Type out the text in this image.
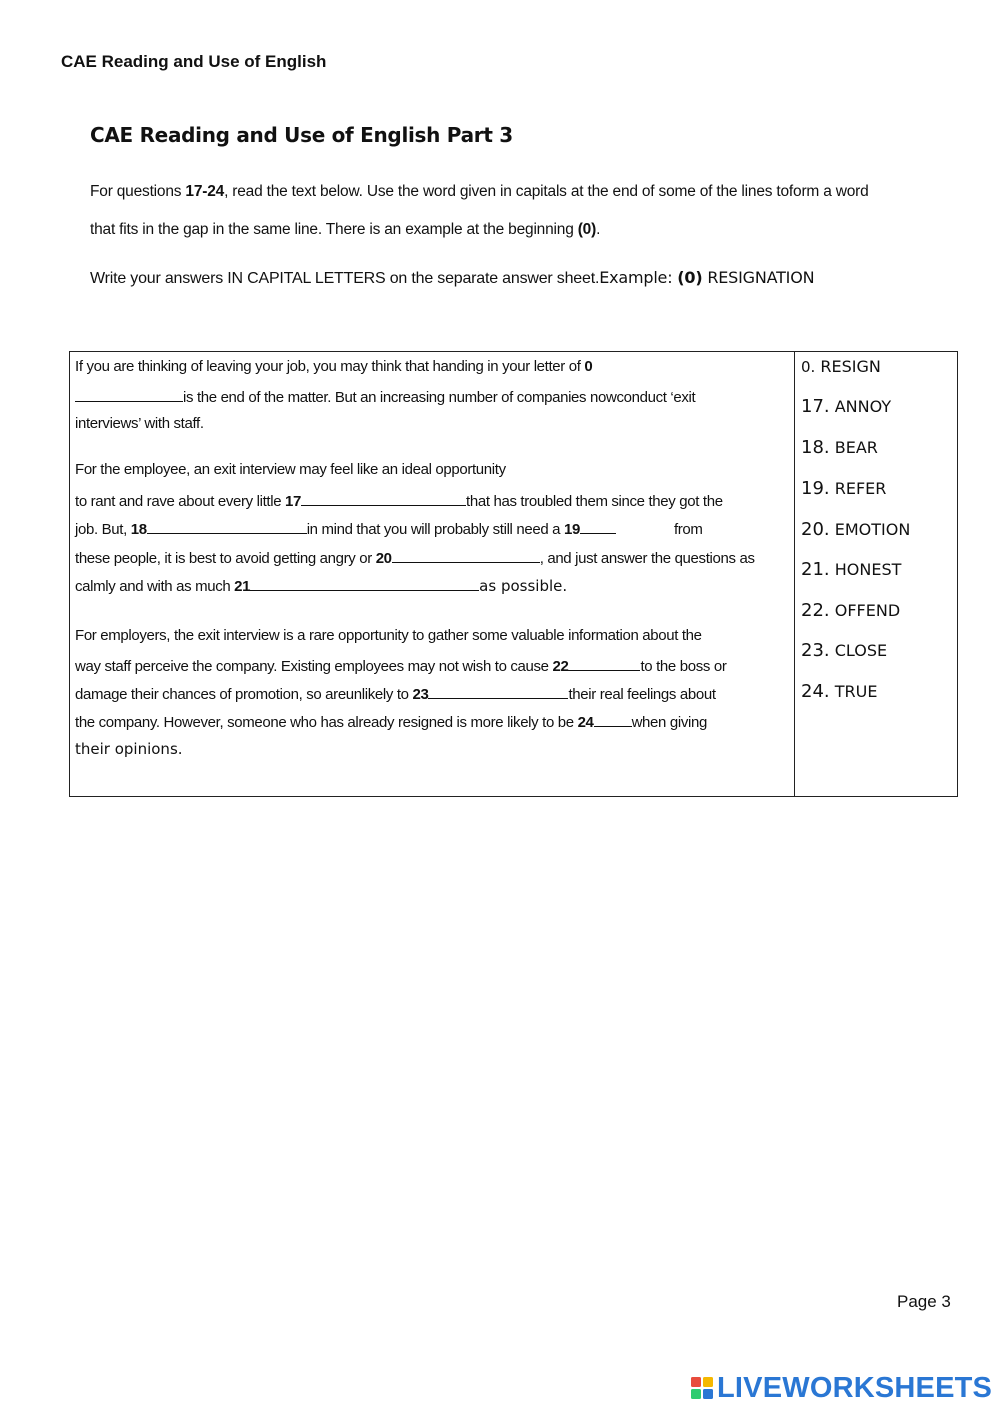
CAE Reading and Use of English
CAE Reading and Use of English Part 3
For questions 17-24, read the text below. Use the word given in capitals at the end of some of the lines toform a word
that fits in the gap in the same line. There is an example at the beginning (0).
Write your answers IN CAPITAL LETTERS on the separate answer sheet.Example: (0) RESIGNATION
If you are thinking of leaving your job, you may think that handing in your letter of 0
is the end of the matter. But an increasing number of companies nowconduct ‘exit
interviews’ with staff.
For the employee, an exit interview may feel like an ideal opportunity
to rant and rave about every little 17	that has troubled them since they got the
job. But, 18	in mind that you will probably still need a 19	from
these people, it is best to avoid getting angry or 20	, and just answer the questions as
calmly and with as much 21	as possible.
For employers, the exit interview is a rare opportunity to gather some valuable information about the
way staff perceive the company. Existing employees may not wish to cause 22	to the boss or
damage their chances of promotion, so areunlikely to 23	their real feelings about
the company. However, someone who has already resigned is more likely to be 24	when giving
their opinions.
0. RESIGN
17. ANNOY
18. BEAR
19. REFER
20. EMOTION
21. HONEST
22. OFFEND
23. CLOSE
24. TRUE
Page 3
LIVEWORKSHEETS
